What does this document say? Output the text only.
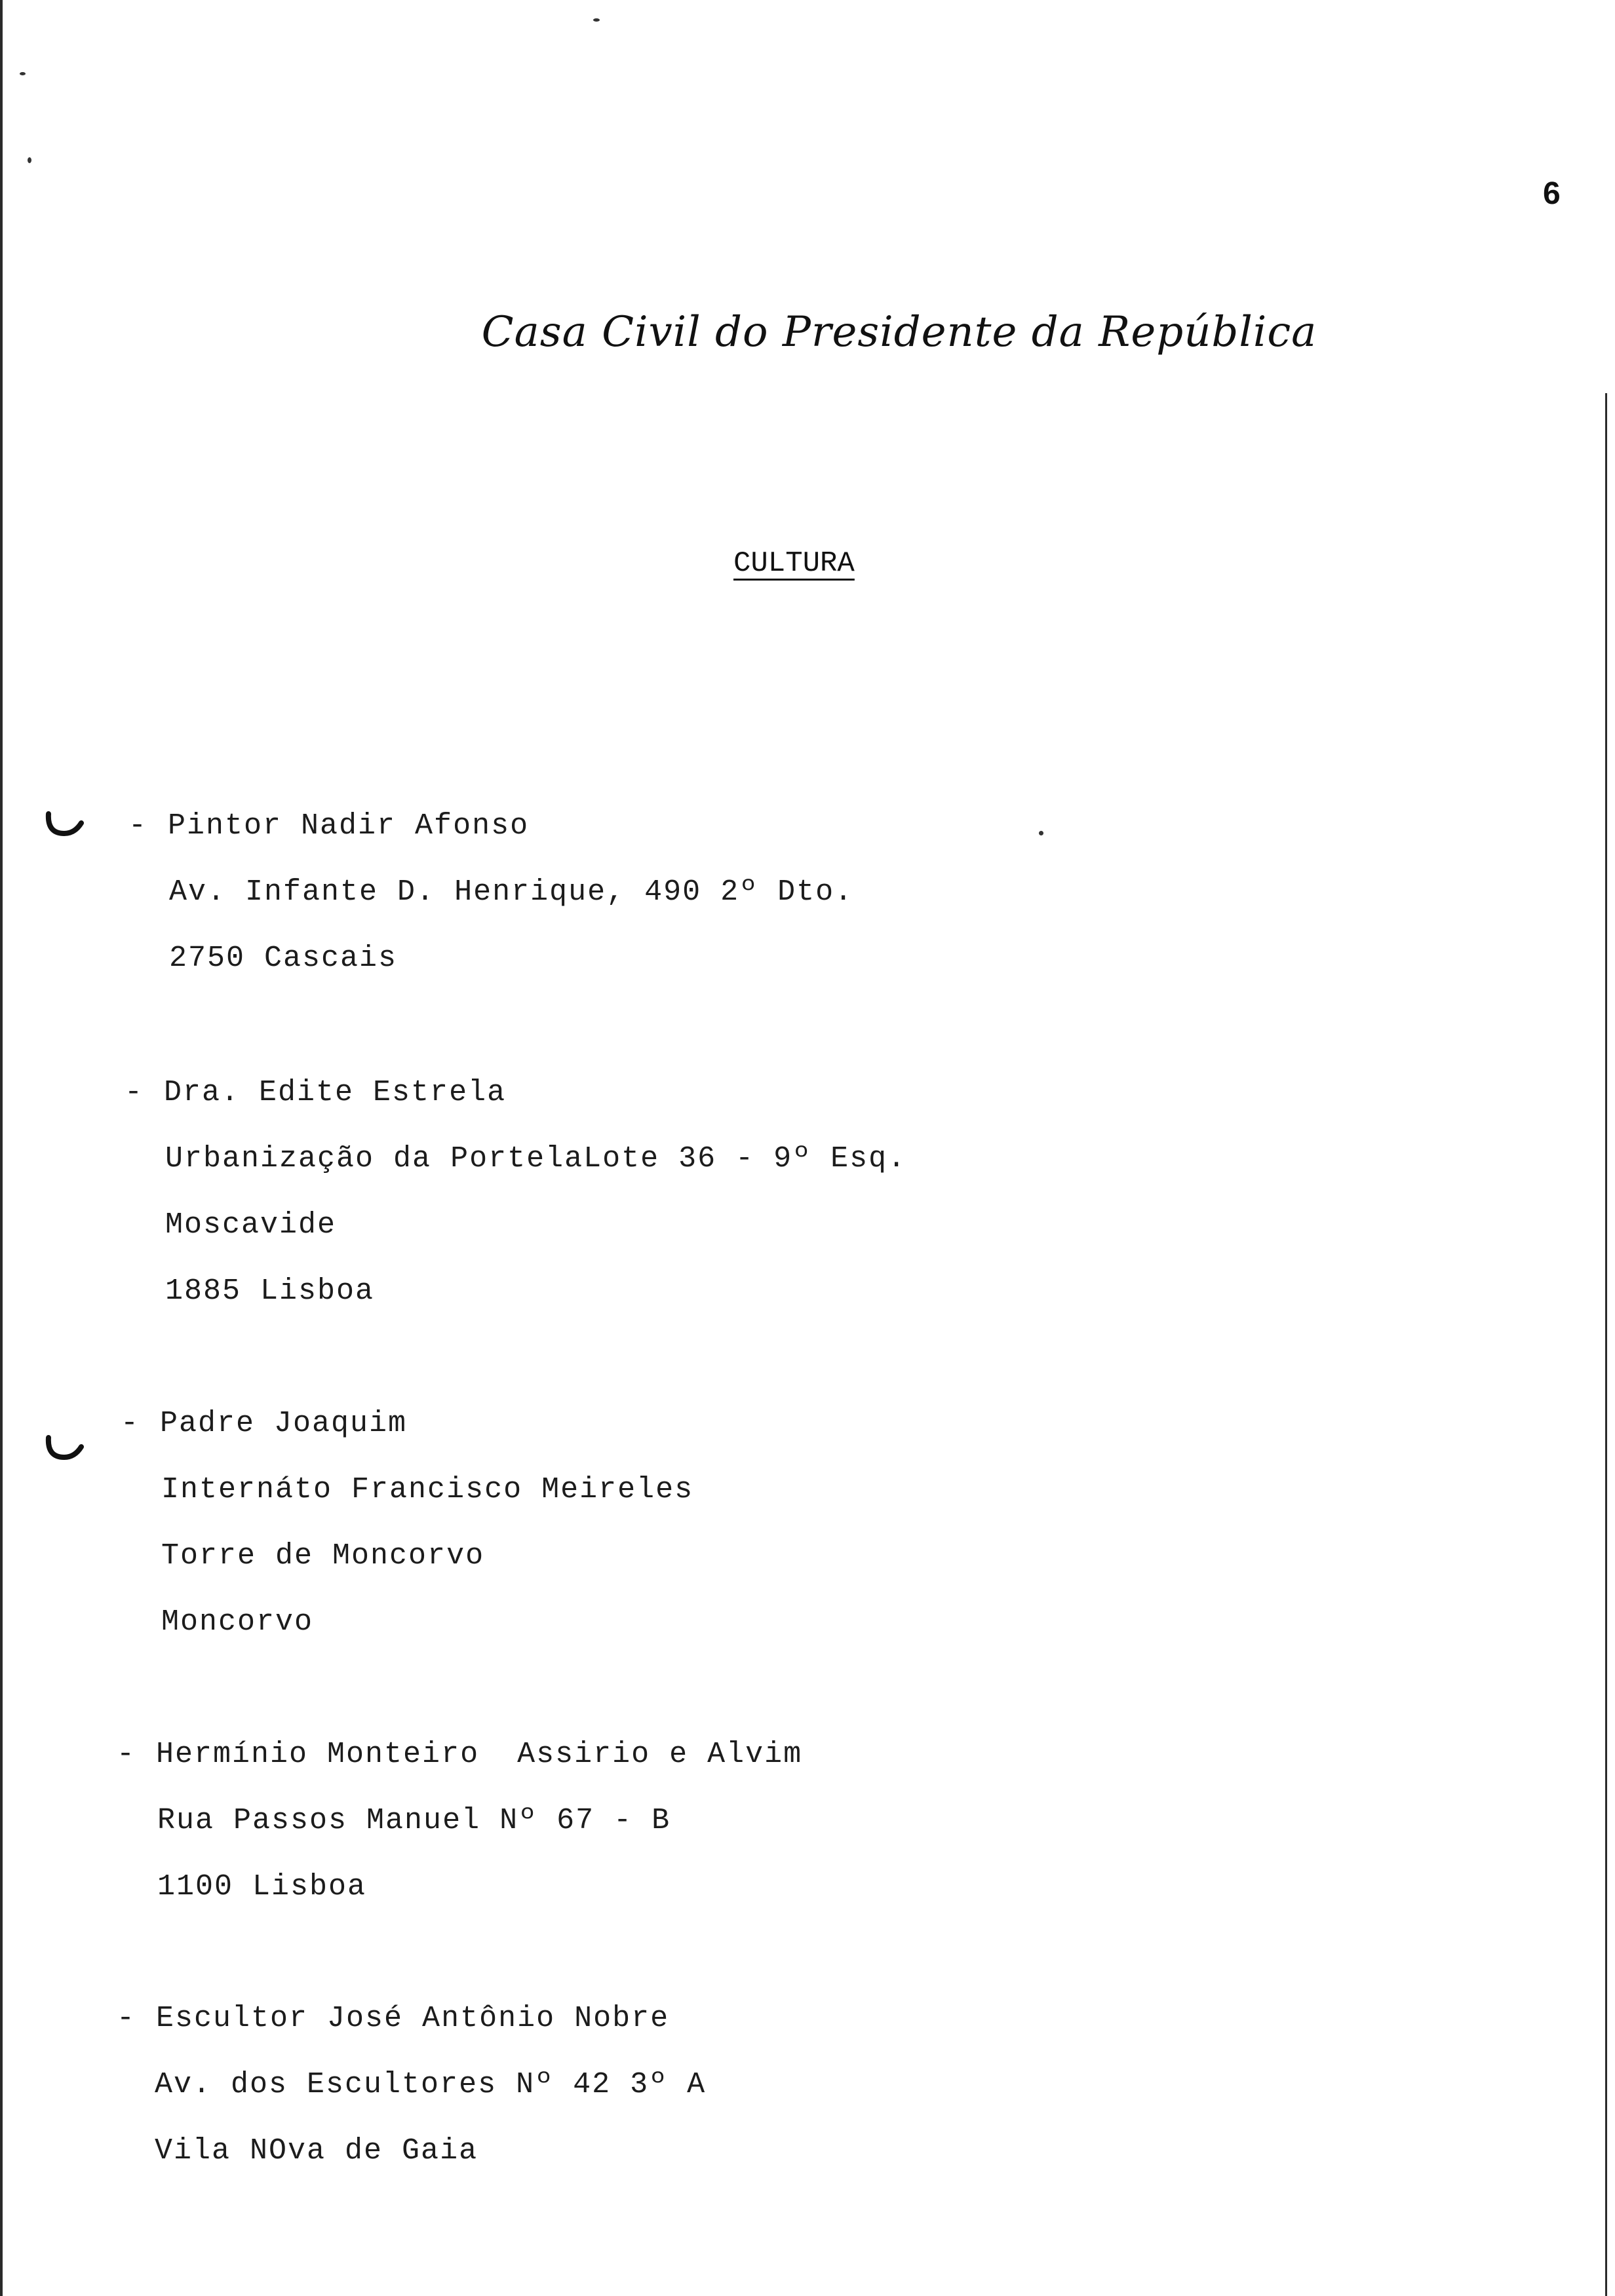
6
Casa Civil do Presidente da República
CULTURA
- Pintor Nadir Afonso
Av. Infante D. Henrique, 490 2º Dto.
2750 Cascais
- Dra. Edite Estrela
Urbanização da PortelaLote 36 - 9º Esq.
Moscavide
1885 Lisboa
- Padre Joaquim
Internáto Francisco Meireles
Torre de Moncorvo
Moncorvo
- Hermínio Monteiro  Assirio e Alvim
Rua Passos Manuel Nº 67 - B
1100 Lisboa
- Escultor José Antônio Nobre
Av. dos Escultores Nº 42 3º A
Vila NOva de Gaia
